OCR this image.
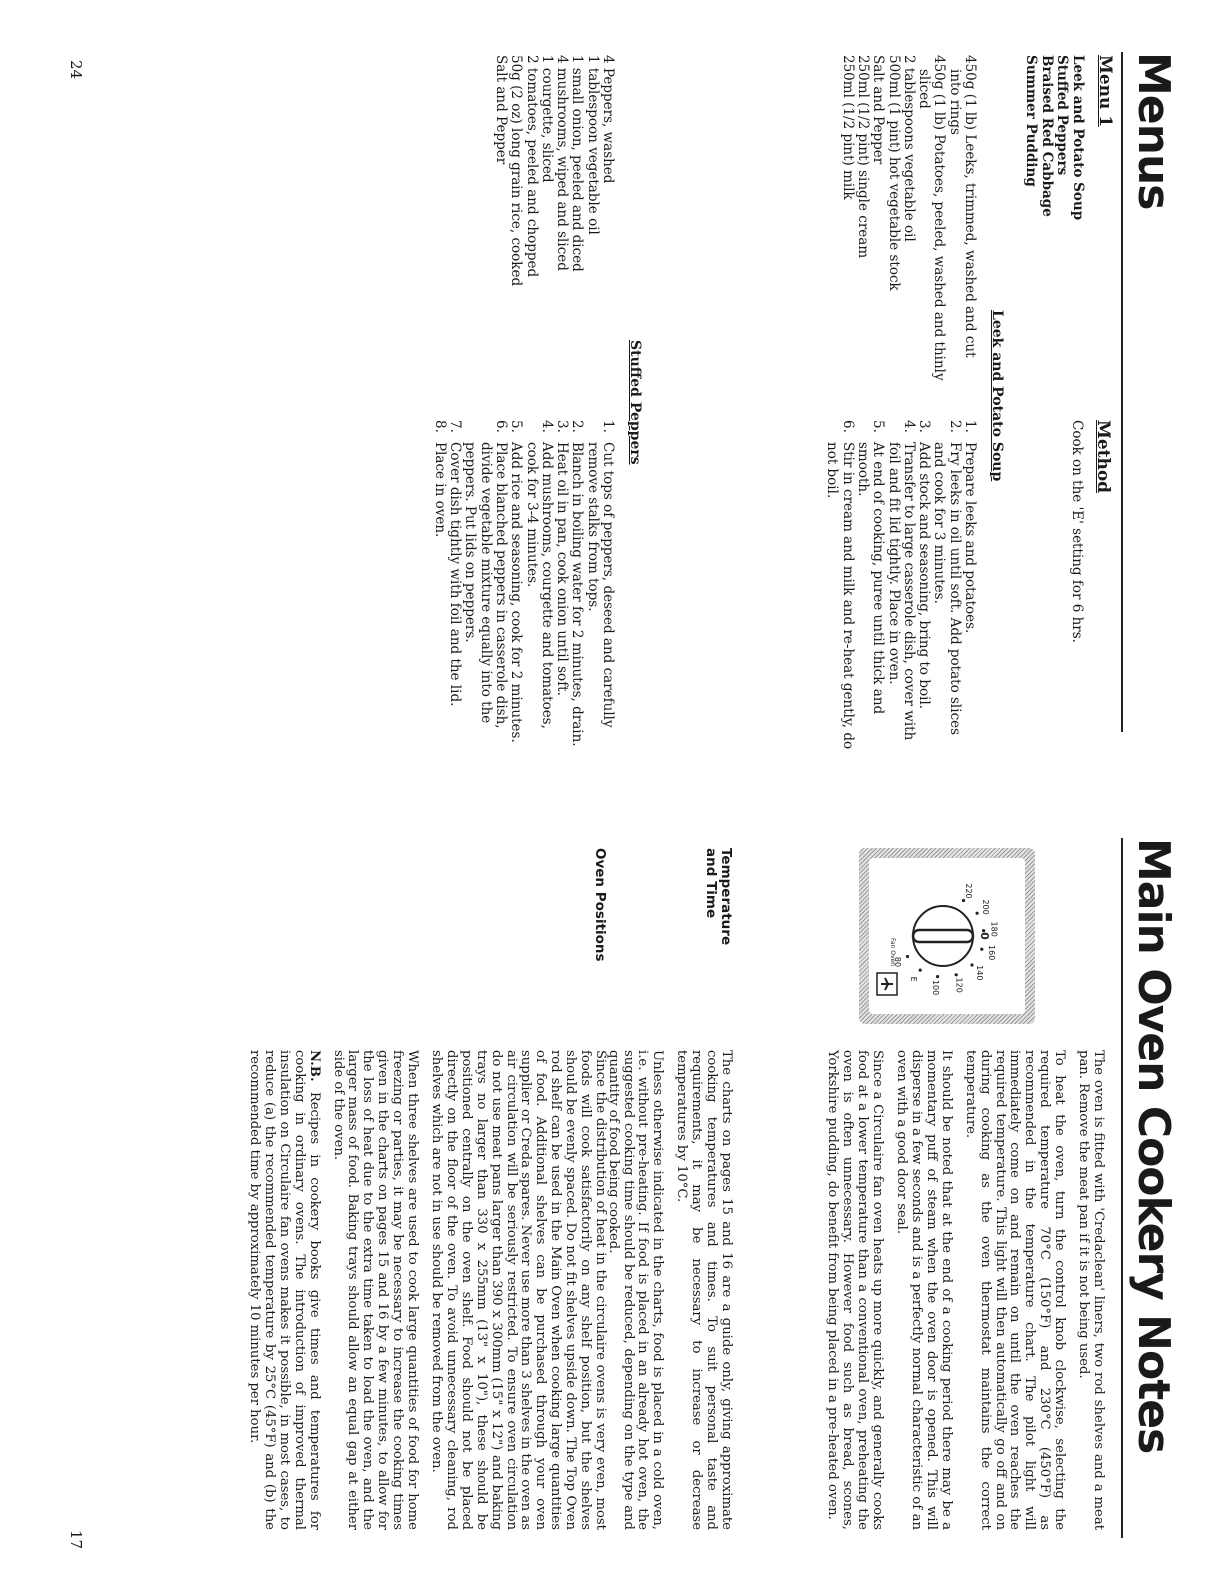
Menus
Menu 1
Leek and Potato Soup
Stuffed Peppers
Braised Red Cabbage
Summer Pudding
Method
Cook on the 'E' setting for 6 hrs.
Leek and Potato Soup
450g (1 lb) Leeks, trimmed, washed and cut into rings
450g (1 lb) Potatoes, peeled, washed and thinly sliced
2 tablespoons vegetable oil
500ml (1 pint) hot vegetable stock
Salt and Pepper
250ml (1/2 pint) single cream
250ml (1/2 pint) milk
1.
Prepare leeks and potatoes.
2.
Fry leeks in oil until soft. Add potato slices and cook for 3 minutes.
3.
Add stock and seasoning, bring to boil.
4.
Transfer to large casserole dish, cover with foil and fit lid tightly. Place in oven.
5.
At end of cooking, puree until thick and smooth.
6.
Stir in cream and milk and re-heat gently, do not boil.
Stuffed Peppers
4 Peppers, washed
1 tablespoon vegetable oil
1 small onion, peeled and diced
4 mushrooms, wiped and sliced
1 courgette, sliced
2 tomatoes, peeled and chopped
50g (2 oz) long grain rice, cooked
Salt and Pepper
1.
Cut tops of peppers, deseed and carefully remove stalks from tops.
2.
Blanch in boiling water for 2 minutes, drain.
3.
Heat oil in pan, cook onion until soft.
4.
Add mushrooms, courgette and tomatoes, cook for 3-4 minutes.
5.
Add rice and seasoning, cook for 2 minutes.
6.
Place blanched peppers in casserole dish, divide vegetable mixture equally into the peppers. Put lids on peppers.
7.
Cover dish tightly with foil and the lid.
8.
Place in oven.
24
Main Oven Cookery Notes
220
200
180
160
140
120
100
E
80
0
Fan Oven

The oven is fitted with 'Credaclean' liners, two rod shelves and a meat pan. Remove the meat pan if it is not being used.

To heat the oven, turn the control knob clockwise, selecting the required temperature 70°C (150°F) and 230°C (450°F) as recommended in the temperature chart. The pilot light will immediately come on and remain on until the oven reaches the required temperature. This light will then automatically go off and on during cooking as the oven thermostat maintains the correct temperature.

It should be noted that at the end of a cooking period there may be a momentary puff of steam when the oven door is opened. This will disperse in a few seconds and is a perfectly normal characteristic of an oven with a good door seal.

Since a Circulaire fan oven heats up more quickly, and generally cooks food at a lower temperature than a conventional oven, preheating the oven is often unnecessary. However food such as bread, scones, Yorkshire pudding, do benefit from being placed in a pre-heated oven.

Temperature and Time

The charts on pages 15 and 16 are a guide only, giving approximate cooking temperatures and times. To suit personal taste and requirements, it may be necessary to increase or decrease temperatures by 10°C.

Unless otherwise indicated in the charts, food is placed in a cold oven, i.e. without pre-heating. If food is placed in an already hot oven, the suggested cooking time should be reduced, depending on the type and quantity of food being cooked.

Oven Positions

Since the distribution of heat in the circulaire ovens is very even, most foods will cook satisfactorily on any shelf position, but the shelves should be evenly spaced. Do not fit shelves upside down. The Top Oven rod shelf can be used in the Main Oven when cooking large quantities of food. Additional shelves can be purchased through your oven supplier or Creda spares. Never use more than 3 shelves in the oven as air circulation will be seriously restricted. To ensure oven circulation do not use meat pans larger than 390 x 300mm (15" x 12") and baking trays no larger than 330 x 255mm (13" x 10"), these should be positioned centrally on the oven shelf. Food should not be placed directly on the floor of the oven. To avoid unnecessary cleaning, rod shelves which are not in use should be removed from the oven.

When three shelves are used to cook large quantities of food for home freezing or parties, it may be necessary to increase the cooking times given in the charts on pages 15 and 16 by a few minutes, to allow for the loss of heat due to the extra time taken to load the oven, and the larger mass of food. Baking trays should allow an equal gap at either side of the oven.

N.B. Recipes in cookery books give times and temperatures for cooking in ordinary ovens. The introduction of improved thermal insulation on Circulaire fan ovens makes it possible, in most cases, to reduce (a) the recommended temperature by 25°C (45°F) and (b) the recommended time by approximately 10 minutes per hour.

17
